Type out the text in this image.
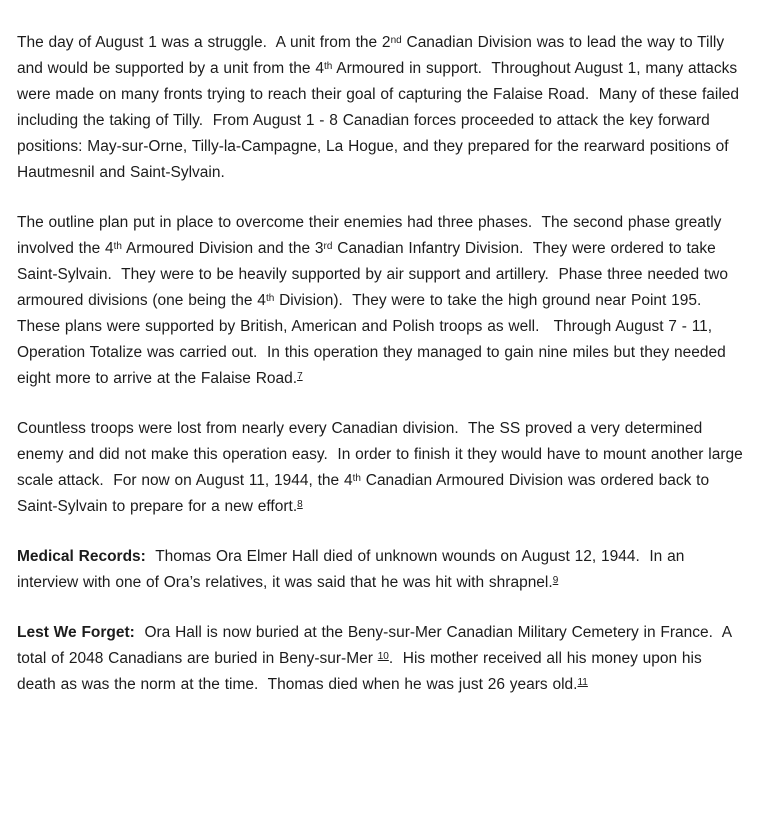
The day of August 1 was a struggle.  A unit from the 2nd Canadian Division was to lead the way to Tilly and would be supported by a unit from the 4th Armoured in support.  Throughout August 1, many attacks were made on many fronts trying to reach their goal of capturing the Falaise Road.  Many of these failed including the taking of Tilly.  From August 1 - 8 Canadian forces proceeded to attack the key forward positions: May-sur-Orne, Tilly-la-Campagne, La Hogue, and they prepared for the rearward positions of Hautmesnil and Saint-Sylvain.

The outline plan put in place to overcome their enemies had three phases.  The second phase greatly involved the 4th Armoured Division and the 3rd Canadian Infantry Division.  They were ordered to take Saint-Sylvain.  They were to be heavily supported by air support and artillery.  Phase three needed two armoured divisions (one being the 4th Division).  They were to take the high ground near Point 195.  These plans were supported by British, American and Polish troops as well.   Through August 7 - 11, Operation Totalize was carried out.  In this operation they managed to gain nine miles but they needed eight more to arrive at the Falaise Road.$^7$

Countless troops were lost from nearly every Canadian division.  The SS proved a very determined enemy and did not make this operation easy.  In order to finish it they would have to mount another large scale attack.  For now on August 11, 1944, the 4th Canadian Armoured Division was ordered back to Saint-Sylvain to prepare for a new effort.$^8$

Medical Records:  Thomas Ora Elmer Hall died of unknown wounds on August 12, 1944.  In an interview with one of Ora’s relatives, it was said that he was hit with shrapnel.$^9$

Lest We Forget:  Ora Hall is now buried at the Beny-sur-Mer Canadian Military Cemetery in France.  A total of 2048 Canadians are buried in Beny-sur-Mer $^{10}$.  His mother received all his money upon his death as was the norm at the time.  Thomas died when he was just 26 years old.$^{11}$
